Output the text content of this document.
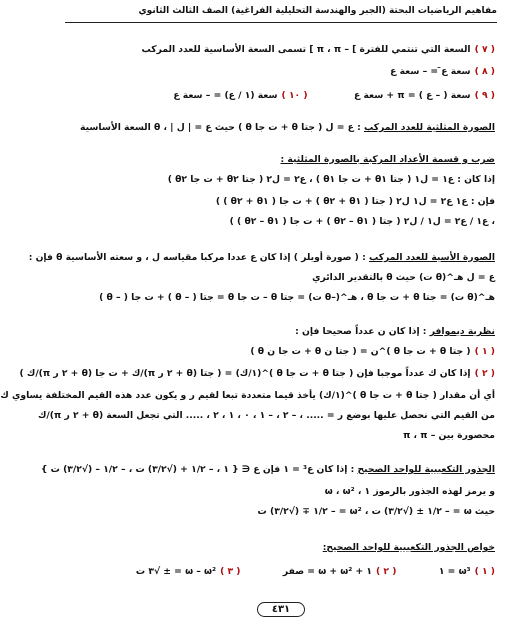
مفاهيم الرياضيات البحتة (الجبر والهندسة التحليلية الفراغية) الصف الثالث الثانوي
( ٧ )السعة التي تنتمي للفترة ] – π ، π ] تسمى السعة الأساسية للعدد المركب
( ٨ )سعة ع̄ = – سعة ع
( ٩ )سعة ( – ع ) = π + سعة ع  ( ١٠ )سعة (١ / ع) = – سعة ع
الصورة المثلثية للعدد المركب : ع = ل ( جتا θ + ت جا θ ) حيث ع = | ل | ، θ السعة الأساسية
ضرب و قسمة الأعداد المركبة بالصورة المثلثية :
إذا كان : ع١ = ل١ ( جتا θ١ + ت جا θ١ ) ، ع٢ = ل٢ ( جتا θ٢ + ت جا θ٢ )
فإن : ع١ ع٢ = ل١ ل٢ ( جتا ( θ١ + θ٢ ) + ت جا ( θ١ + θ٢ ) )
، ع١ / ع٢ = ل١ / ل٢ ( جتا ( θ١ – θ٢ ) + ت جا ( θ١ – θ٢ ) )
الصورة الأسية للعدد المركب : ( صورة أويلر ) إذا كان ع عددا مركبا مقياسه ل ، و سعته الأساسية θ فإن :
ع = ل هـ^(θ ت) حيث θ بالتقدير الدائري
هـ^(θ ت) = جتا θ + ت جا θ ، هـ^(–θ ت) = جتا θ – ت جا θ = جتا ( – θ ) + ت جا ( – θ )
نظرية ديموافر : إذا كان ن عدداً صحيحا فإن :
( ١ )( جتا θ + ت جا θ )^ن = ( جتا ن θ + ت جا ن θ )
( ٢ )إذا كان ك عدداً موجبا فإن ( جتا θ + ت جا θ )^(١/ك) = ( جتا (θ + ٢ ر π)/ك + ت جا (θ + ٢ ر π)/ك )
أي أن مقدار ( جتا θ + ت جا θ )^(١/ك) يأخذ قيما متعددة تبعا لقيم ر و يكون عدد هذه القيم المختلفة يساوي ك
من القيم التي نحصل عليها بوضع ر = ..... ، – ٢ ، – ١ ، ٠ ، ١ ، ٢ ، ..... التي تجعل السعة (θ + ٢ ر π)/ك
محصورة بين – π ، π
الجذور التكعيبية للواحد الصحيح : إذا كان ع³ = ١ فإن ع ∈ { ١ ، – ١/٢ + (√٣/٢) ت ، – ١/٢ – (√٣/٢) ت }
و يرمز لهذه الجذور بالرموز ١ ، ω ، ω²
حيث ω = – ١/٢ ± (√٣/٢) ت ، ω² = – ١/٢ ∓ (√٣/٢) ت
خواص الجذور التكعيبية للواحد الصحيح:
( ١ )ω³ = ١  ( ٢ )١ + ω + ω² = صفر  ( ٣ )ω – ω² = ± √٣ ت
٤٣١
